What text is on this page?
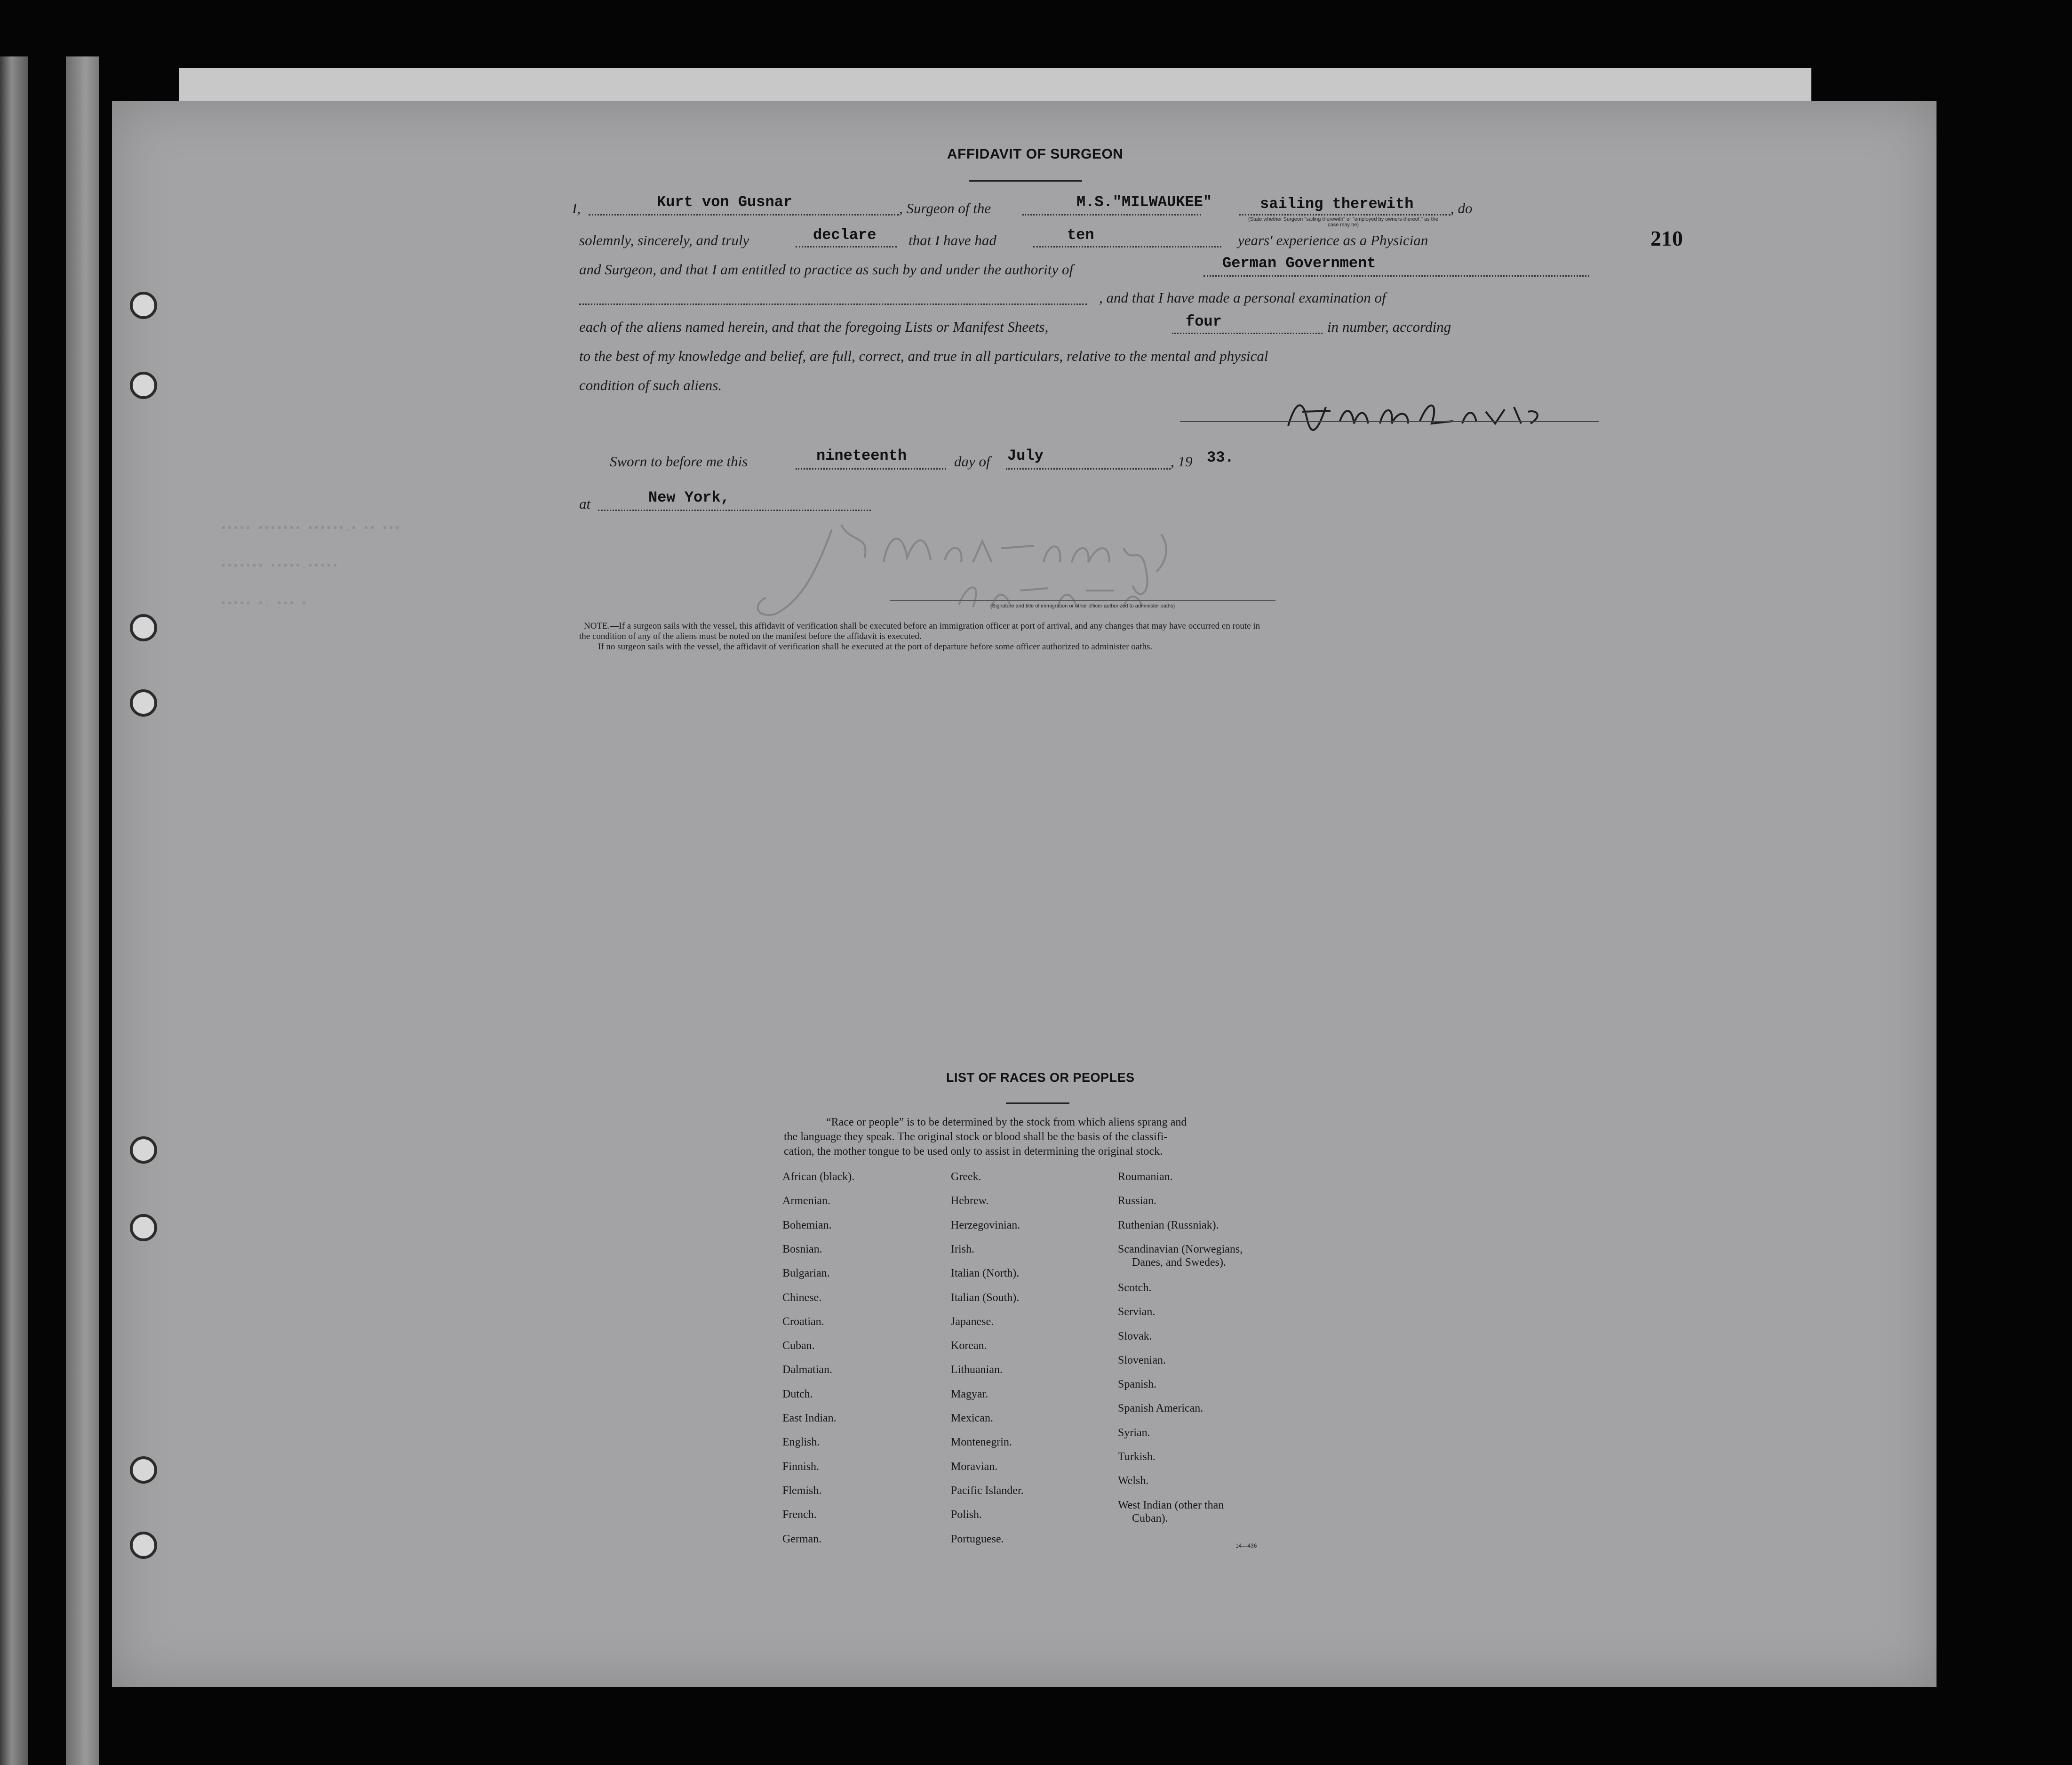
210
▪▪▪▪▪ ▪▪▪▪▪▪▪ ▪▪▪▪▪▪.▪ ▪▪ ▪▪▪
▪▪▪▪▪▪▪ ▪▪▪▪▪.▪▪▪▪▪
▪▪▪▪▪ ▪. ▪▪▪ ▪
AFFIDAVIT OF SURGEON
I,	Kurt von Gusnar	, Surgeon of the	M.S."MILWAUKEE"	sailing therewith	, do
(State whether Surgeon "sailing therewith" or "employed by owners thereof," as the case may be)
solemnly, sincerely, and truly	declare that I have had	ten	years' experience as a Physician
and Surgeon, and that I am entitled to practice as such by and under the authority of	German Government
, and that I have made a personal examination of
each of the aliens named herein, and that the foregoing Lists or Manifest Sheets,	four	in number, according
to the best of my knowledge and belief, are full, correct, and true in all particulars, relative to the mental and physical
condition of such aliens.
Sworn to before me this	nineteenth	day of July	, 19 33.
at	New York,
(Signature and title of immigration or other officer authorized to administer oaths)
NOTE.—If a surgeon sails with the vessel, this affidavit of verification shall be executed before an immigration officer at port of arrival, and any changes that may have occurred en route in
the condition of any of the aliens must be noted on the manifest before the affidavit is executed.
If no surgeon sails with the vessel, the affidavit of verification shall be executed at the port of departure before some officer authorized to administer oaths.
LIST OF RACES OR PEOPLES
“Race or people” is to be determined by the stock from which aliens sprang and
the language they speak. The original stock or blood shall be the basis of the classifi-
cation, the mother tongue to be used only to assist in determining the original stock.
14—436
African (black).
Armenian.
Bohemian.
Bosnian.
Bulgarian.
Chinese.
Croatian.
Cuban.
Dalmatian.
Dutch.
East Indian.
English.
Finnish.
Flemish.
French.
German.
Greek.
Hebrew.
Herzegovinian.
Irish.
Italian (North).
Italian (South).
Japanese.
Korean.
Lithuanian.
Magyar.
Mexican.
Montenegrin.
Moravian.
Pacific Islander.
Polish.
Portuguese.
Roumanian.
Russian.
Ruthenian (Russniak).
Scandinavian (Norwegians,
Danes, and Swedes).
Scotch.
Servian.
Slovak.
Slovenian.
Spanish.
Spanish American.
Syrian.
Turkish.
Welsh.
West Indian (other than
Cuban).
